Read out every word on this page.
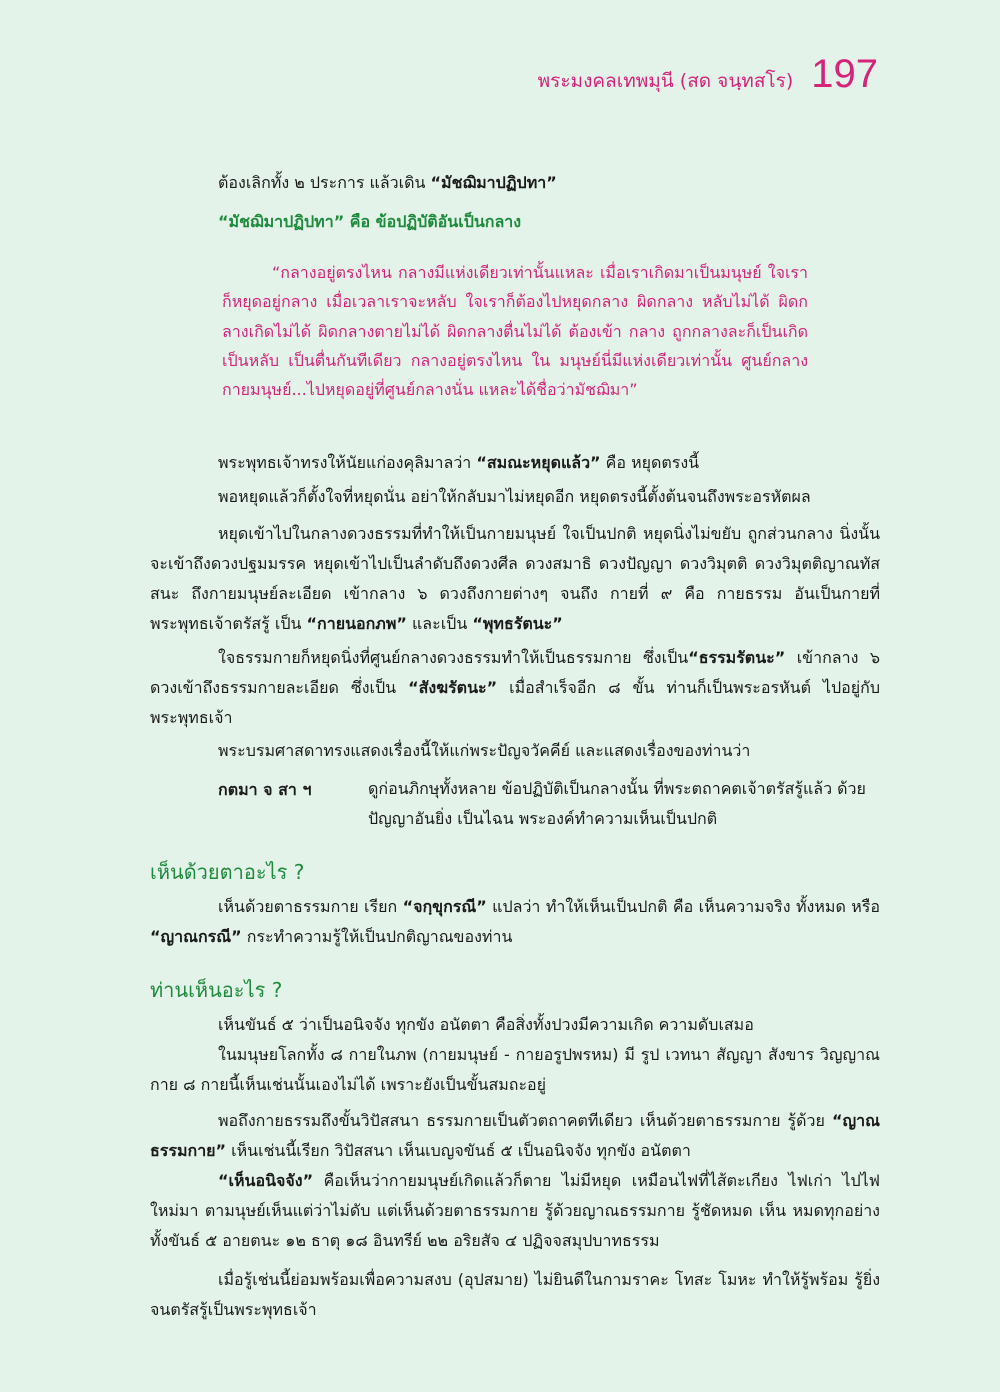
พระมงคลเทพมุนี (สด จนฺทสโร) 197

ต้องเลิกทั้ง ๒ ประการ แล้วเดิน “มัชฌิมาปฏิปทา”

“มัชฌิมาปฏิปทา” คือ ข้อปฏิบัติอันเป็นกลาง

“กลางอยู่ตรงไหน กลางมีแห่งเดียวเท่านั้นแหละ เมื่อเราเกิดมาเป็นมนุษย์ ใจเราก็หยุดอยู่กลาง เมื่อเวลาเราจะหลับ ใจเราก็ต้องไปหยุดกลาง ผิดกลาง หลับไม่ได้ ผิดกลางเกิดไม่ได้ ผิดกลางตายไม่ได้ ผิดกลางตื่นไม่ได้ ต้องเข้า กลาง ถูกกลางละก็เป็นเกิด เป็นหลับ เป็นตื่นกันทีเดียว กลางอยู่ตรงไหน ใน มนุษย์นี่มีแห่งเดียวเท่านั้น ศูนย์กลางกายมนุษย์...ไปหยุดอยู่ที่ศูนย์กลางนั่น แหละได้ชื่อว่ามัชฌิมา”

พระพุทธเจ้าทรงให้นัยแก่องคุลิมาลว่า “สมณะหยุดแล้ว” คือ หยุดตรงนี้

พอหยุดแล้วก็ตั้งใจที่หยุดนั่น อย่าให้กลับมาไม่หยุดอีก หยุดตรงนี้ตั้งต้นจนถึงพระอรหัตผล

หยุดเข้าไปในกลางดวงธรรมที่ทำให้เป็นกายมนุษย์ ใจเป็นปกติ หยุดนิ่งไม่ขยับ ถูกส่วนกลาง นิ่งนั้น จะเข้าถึงดวงปฐมมรรค หยุดเข้าไปเป็นลำดับถึงดวงศีล ดวงสมาธิ ดวงปัญญา ดวงวิมุตติ ดวงวิมุตติญาณทัสสนะ ถึงกายมนุษย์ละเอียด เข้ากลาง ๖ ดวงถึงกายต่างๆ จนถึง กายที่ ๙ คือ กายธรรม อันเป็นกายที่พระพุทธเจ้าตรัสรู้ เป็น “กายนอกภพ” และเป็น “พุทธรัตนะ”

ใจธรรมกายก็หยุดนิ่งที่ศูนย์กลางดวงธรรมทำให้เป็นธรรมกาย ซึ่งเป็น“ธรรมรัตนะ” เข้ากลาง ๖ ดวงเข้าถึงธรรมกายละเอียด ซึ่งเป็น “สังฆรัตนะ” เมื่อสำเร็จอีก ๘ ขั้น ท่านก็เป็นพระอรหันต์ ไปอยู่กับพระพุทธเจ้า

พระบรมศาสดาทรงแสดงเรื่องนี้ให้แก่พระปัญจวัคคีย์ และแสดงเรื่องของท่านว่า

กตมา จ สา ฯ	ดูก่อนภิกษุทั้งหลาย ข้อปฏิบัติเป็นกลางนั้น ที่พระตถาคตเจ้าตรัสรู้แล้ว ด้วยปัญญาอันยิ่ง เป็นไฉน พระองค์ทำความเห็นเป็นปกติ

เห็นด้วยตาอะไร ?

เห็นด้วยตาธรรมกาย เรียก “จกฺขุกรณี” แปลว่า ทำให้เห็นเป็นปกติ คือ เห็นความจริง ทั้งหมด หรือ “ญาณกรณี” กระทำความรู้ให้เป็นปกติญาณของท่าน

ท่านเห็นอะไร ?

เห็นขันธ์ ๕ ว่าเป็นอนิจจัง ทุกขัง อนัตตา คือสิ่งทั้งปวงมีความเกิด ความดับเสมอ

ในมนุษยโลกทั้ง ๘ กายในภพ (กายมนุษย์ - กายอรูปพรหม) มี รูป เวทนา สัญญา สังขาร วิญญาณ กาย ๘ กายนี้เห็นเช่นนั้นเองไม่ได้ เพราะยังเป็นขั้นสมถะอยู่

พอถึงกายธรรมถึงขั้นวิปัสสนา ธรรมกายเป็นตัวตถาคตทีเดียว เห็นด้วยตาธรรมกาย รู้ด้วย “ญาณธรรมกาย” เห็นเช่นนี้เรียก วิปัสสนา เห็นเบญจขันธ์ ๕ เป็นอนิจจัง ทุกขัง อนัตตา

“เห็นอนิจจัง” คือเห็นว่ากายมนุษย์เกิดแล้วก็ตาย ไม่มีหยุด เหมือนไฟที่ไส้ตะเกียง ไฟเก่า ไปไฟใหม่มา ตามนุษย์เห็นแต่ว่าไม่ดับ แต่เห็นด้วยตาธรรมกาย รู้ด้วยญาณธรรมกาย รู้ชัดหมด เห็น หมดทุกอย่างทั้งขันธ์ ๕ อายตนะ ๑๒ ธาตุ ๑๘ อินทรีย์ ๒๒ อริยสัจ ๔ ปฏิจจสมุปบาทธรรม

เมื่อรู้เช่นนี้ย่อมพร้อมเพื่อความสงบ (อุปสมาย) ไม่ยินดีในกามราคะ โทสะ โมหะ ทำให้รู้พร้อม รู้ยิ่ง จนตรัสรู้เป็นพระพุทธเจ้า
